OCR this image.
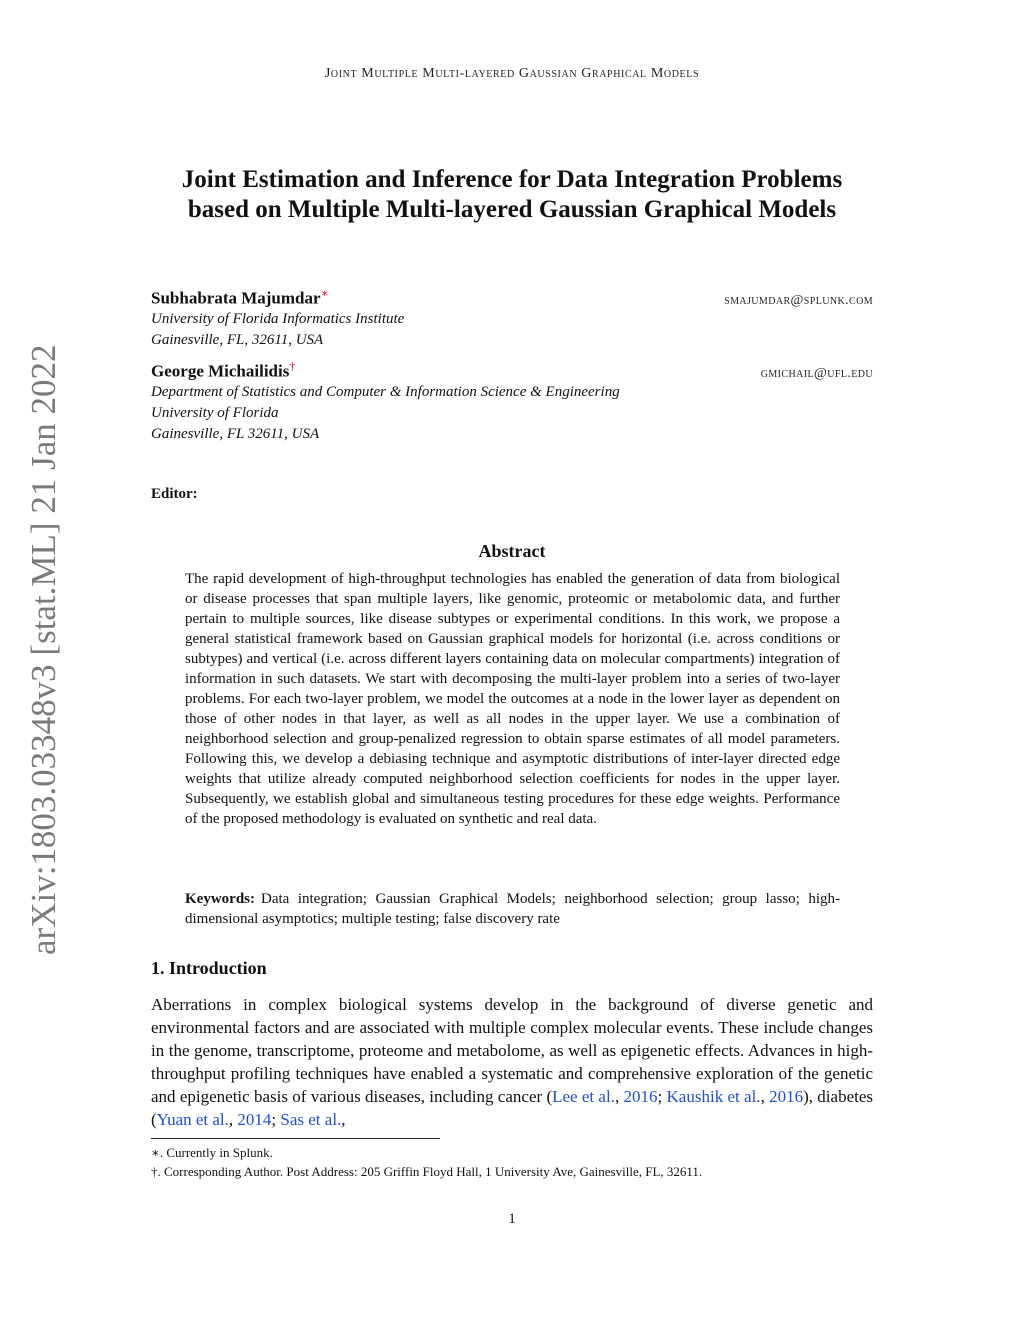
Joint Multiple Multi-layered Gaussian Graphical Models
arXiv:1803.03348v3 [stat.ML] 21 Jan 2022
Joint Estimation and Inference for Data Integration Problems based on Multiple Multi-layered Gaussian Graphical Models
Subhabrata Majumdar∗	smajumdar@splunk.com
University of Florida Informatics Institute
Gainesville, FL, 32611, USA
George Michailidis†	gmichail@ufl.edu
Department of Statistics and Computer & Information Science & Engineering
University of Florida
Gainesville, FL 32611, USA
Editor:
Abstract

The rapid development of high-throughput technologies has enabled the generation of data from biological or disease processes that span multiple layers, like genomic, proteomic or metabolomic data, and further pertain to multiple sources, like disease subtypes or experimental conditions. In this work, we propose a general statistical framework based on Gaussian graphical models for horizontal (i.e. across conditions or subtypes) and vertical (i.e. across different layers containing data on molecular compartments) integration of information in such datasets. We start with decomposing the multi-layer problem into a series of two-layer problems. For each two-layer problem, we model the outcomes at a node in the lower layer as dependent on those of other nodes in that layer, as well as all nodes in the upper layer. We use a combination of neighborhood selection and group-penalized regression to obtain sparse estimates of all model parameters. Following this, we develop a debiasing technique and asymptotic distributions of inter-layer directed edge weights that utilize already computed neighborhood selection coefficients for nodes in the upper layer. Subsequently, we establish global and simultaneous testing procedures for these edge weights. Performance of the proposed methodology is evaluated on synthetic and real data.

Keywords: Data integration; Gaussian Graphical Models; neighborhood selection; group lasso; high-dimensional asymptotics; multiple testing; false discovery rate
1. Introduction

Aberrations in complex biological systems develop in the background of diverse genetic and environmental factors and are associated with multiple complex molecular events. These include changes in the genome, transcriptome, proteome and metabolome, as well as epigenetic effects. Advances in high-throughput profiling techniques have enabled a systematic and comprehensive exploration of the genetic and epigenetic basis of various diseases, including cancer (Lee et al., 2016; Kaushik et al., 2016), diabetes (Yuan et al., 2014; Sas et al.,

∗. Currently in Splunk.
†. Corresponding Author. Post Address: 205 Griffin Floyd Hall, 1 University Ave, Gainesville, FL, 32611.
1
